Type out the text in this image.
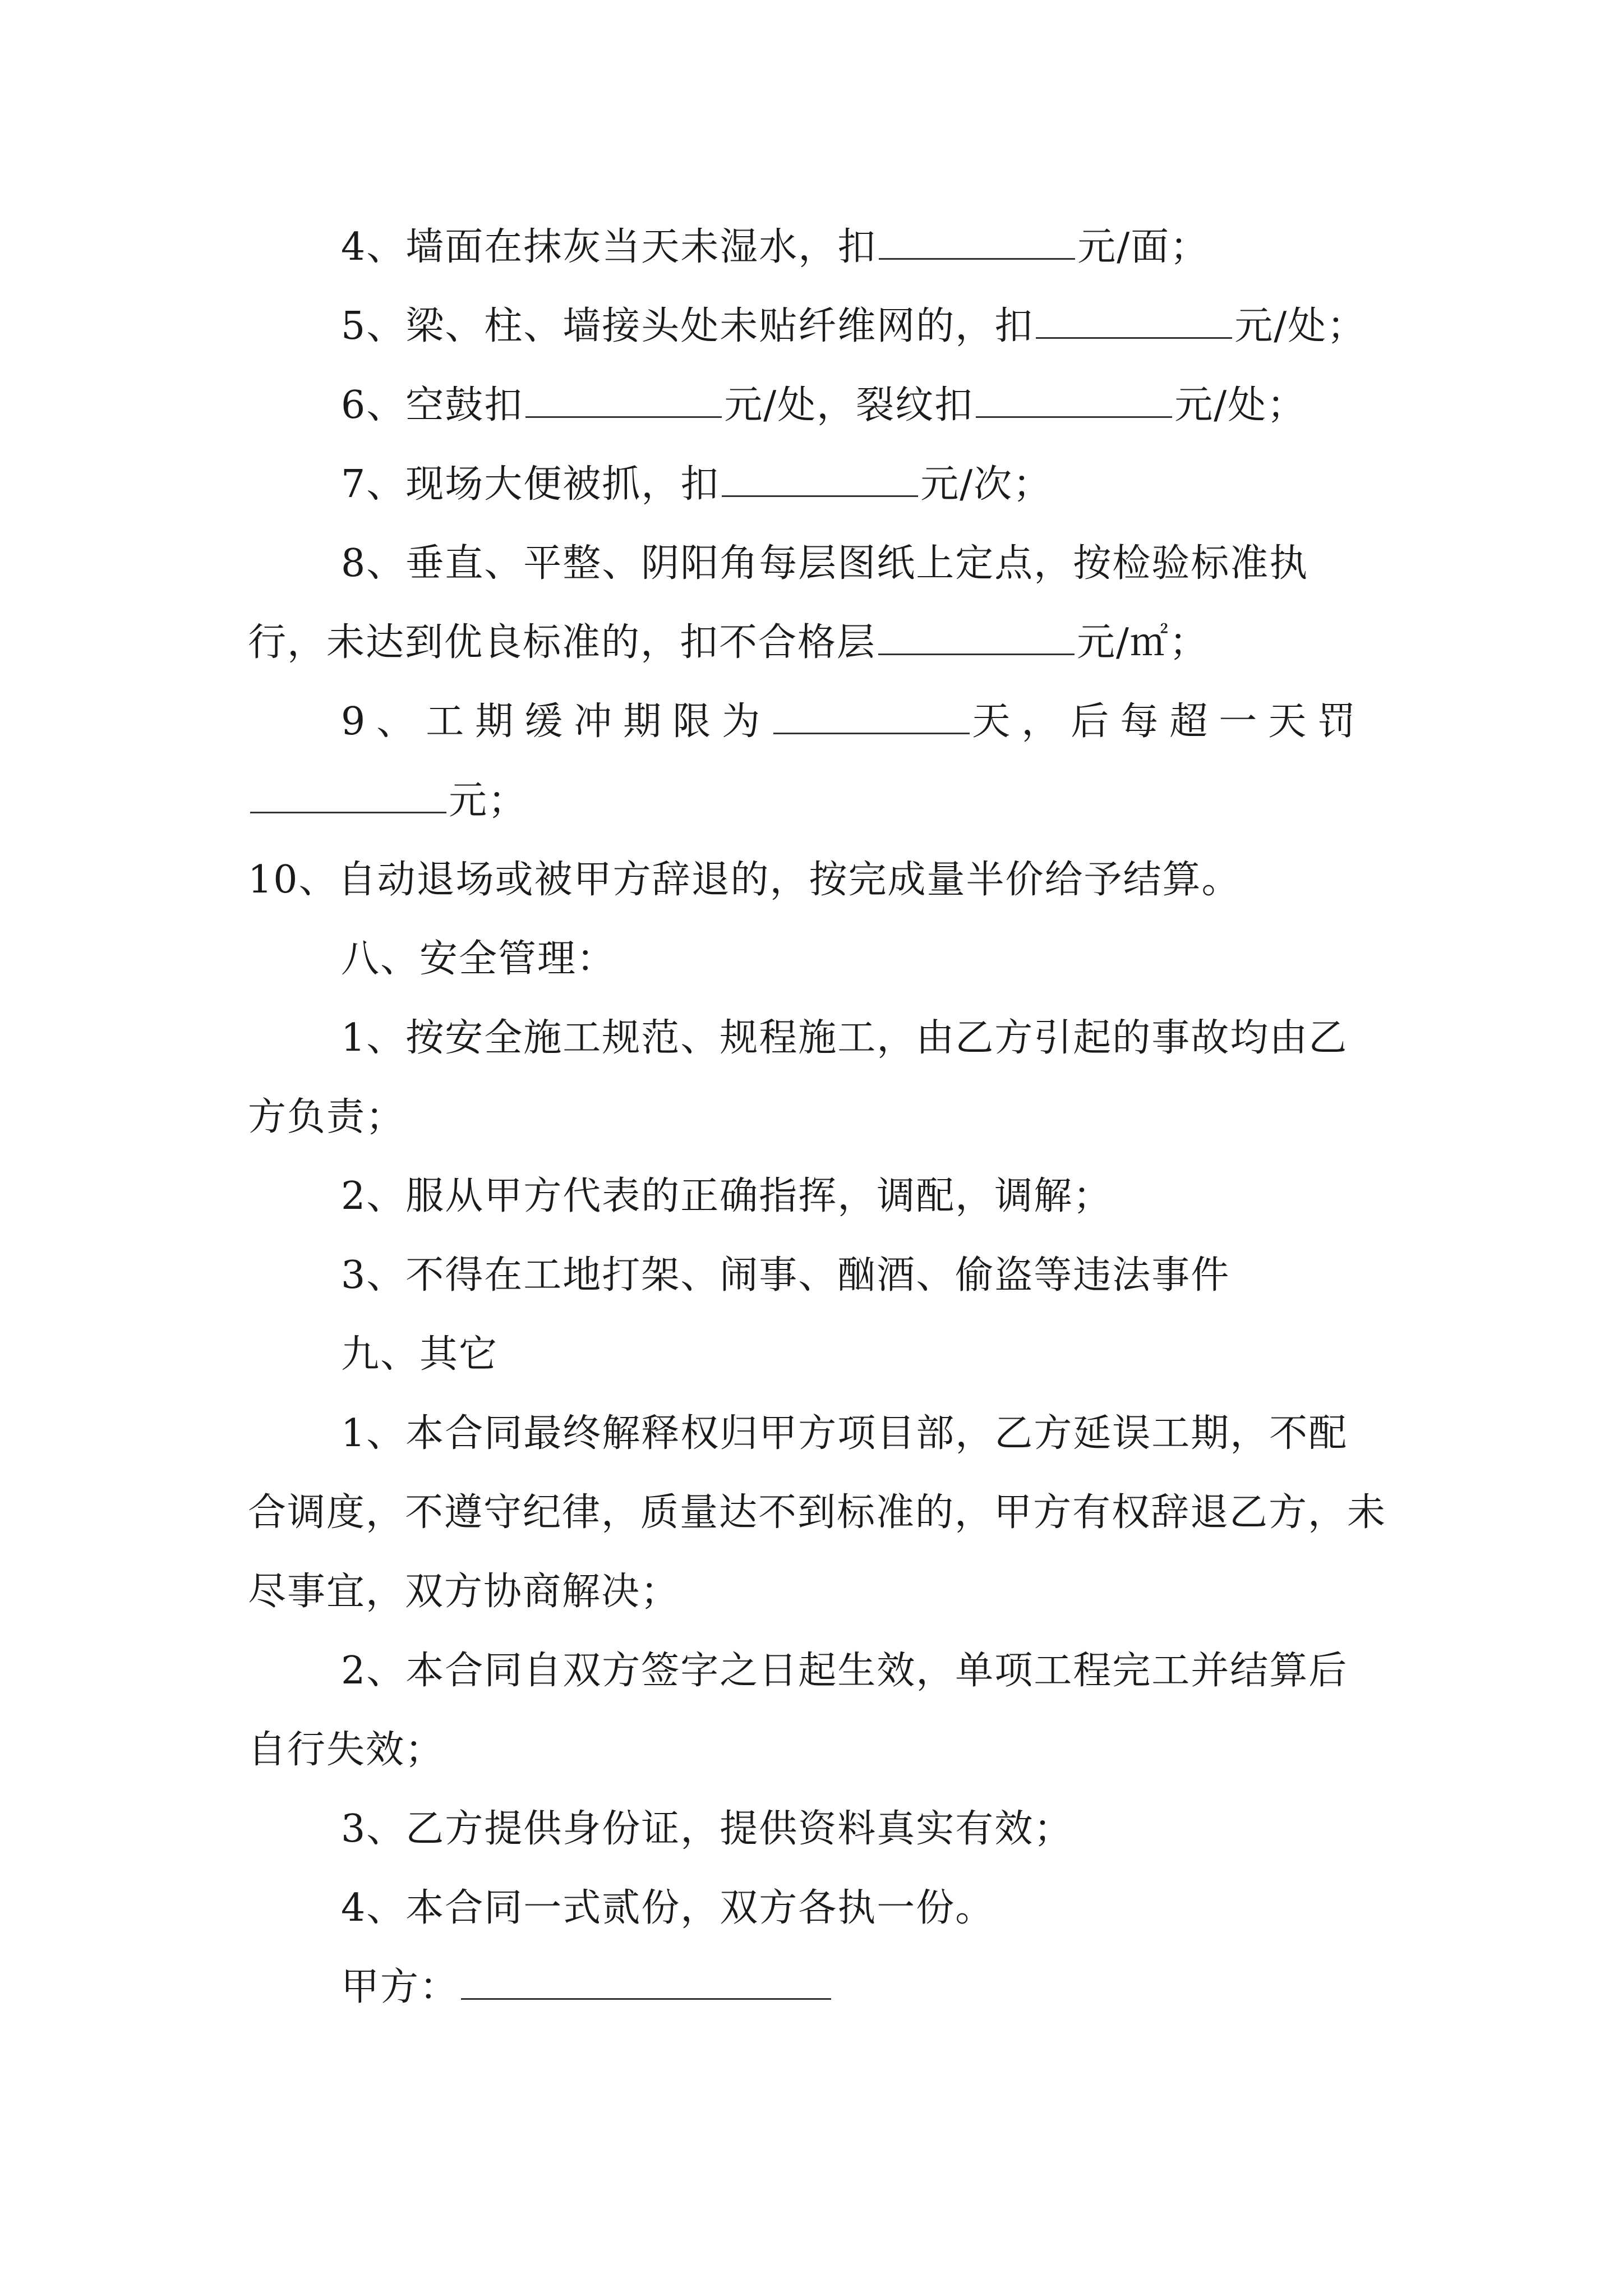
4、墙面在抹灰当天未湿水，扣	元/面；

5、梁、柱、墙接头处未贴纤维网的，扣	元/处；

6、空鼓扣	元/处，裂纹扣	元/处；

7、现场大便被抓，扣	元/次；

8、垂直、平整、阴阳角每层图纸上定点，按检验标准执行，未达到优良标准的，扣不合格层	元/㎡；

9、工期缓冲期限为	天，后每超一天罚元；

10、自动退场或被甲方辞退的，按完成量半价给予结算。

八、安全管理：

1、按安全施工规范、规程施工，由乙方引起的事故均由乙方负责；

2、服从甲方代表的正确指挥，调配，调解；

3、不得在工地打架、闹事、酗酒、偷盗等违法事件

九、其它

1、本合同最终解释权归甲方项目部，乙方延误工期，不配合调度，不遵守纪律，质量达不到标准的，甲方有权辞退乙方，未尽事宜，双方协商解决；

2、本合同自双方签字之日起生效，单项工程完工并结算后自行失效；

3、乙方提供身份证，提供资料真实有效；

4、本合同一式贰份，双方各执一份。

甲方：
